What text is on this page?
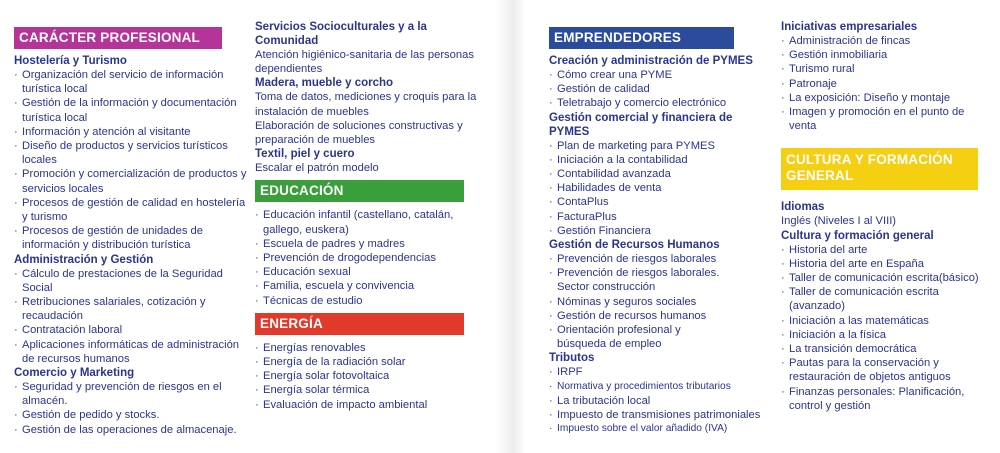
CARÁCTER PROFESIONAL
Hostelería y Turismo
· Organización del servicio de información turística local
· Gestión de la información y documentación turística local
· Información y atención al visitante
· Diseño de productos y servicios turísticos locales
· Promoción y comercialización de productos y servicios locales
· Procesos de gestión de calidad en hostelería y turismo
· Procesos de gestión de unidades de información y distribución turística
Administración y Gestión
· Cálculo de prestaciones de la Seguridad Social
· Retribuciones salariales, cotización y recaudación
· Contratación laboral
· Aplicaciones informáticas de administración de recursos humanos
Comercio y Marketing
· Seguridad y prevención de riesgos en el almacén.
· Gestión de pedido y stocks.
· Gestión de las operaciones de almacenaje.
Servicios Socioculturales y a la Comunidad
Atención higiénico-sanitaria de las personas dependientes
Madera, mueble y corcho
Toma de datos, mediciones y croquis para la instalación de muebles
Elaboración de soluciones constructivas y preparación de muebles
Textil, piel y cuero
Escalar el patrón modelo
EDUCACIÓN
· Educación infantil (castellano, catalán, gallego, euskera)
· Escuela de padres y madres
· Prevención de drogodependencias
· Educación sexual
· Familia, escuela y convivencia
· Técnicas de estudio
ENERGÍA
· Energías renovables
· Energía de la radiación solar
· Energía solar fotovoltaica
· Energía solar térmica
· Evaluación de impacto ambiental
EMPRENDEDORES
Creación y administración de PYMES
· Cómo crear una PYME
· Gestión de calidad
· Teletrabajo y comercio electrónico
Gestión comercial y financiera de PYMES
· Plan de marketing para PYMES
· Iniciación a la contabilidad
· Contabilidad avanzada
· Habilidades de venta
· ContaPlus
· FacturaPlus
· Gestión Financiera
Gestión de Recursos Humanos
· Prevención de riesgos laborales
· Prevención de riesgos laborales. Sector construcción
· Nóminas y seguros sociales
· Gestión de recursos humanos
· Orientación profesional y búsqueda de empleo
Tributos
· IRPF
· Normativa y procedimientos tributarios
· La tributación local
· Impuesto de transmisiones patrimoniales
· Impuesto sobre el valor añadido (IVA)
Iniciativas empresariales
· Administración de fincas
· Gestión inmobiliaria
· Turismo rural
· Patronaje
· La exposición: Diseño y montaje
· Imagen y promoción en el punto de venta
CULTURA Y FORMACIÓN GENERAL
Idiomas
Inglés (Niveles I al VIII)
Cultura y formación general
· Historia del arte
· Historia del arte en España
· Taller de comunicación escrita(básico)
· Taller de comunicación escrita (avanzado)
· Iniciación a las matemáticas
· Iniciación a la física
· La transición democrática
· Pautas para la conservación y restauración de objetos antiguos
· Finanzas personales: Planificación, control y gestión
